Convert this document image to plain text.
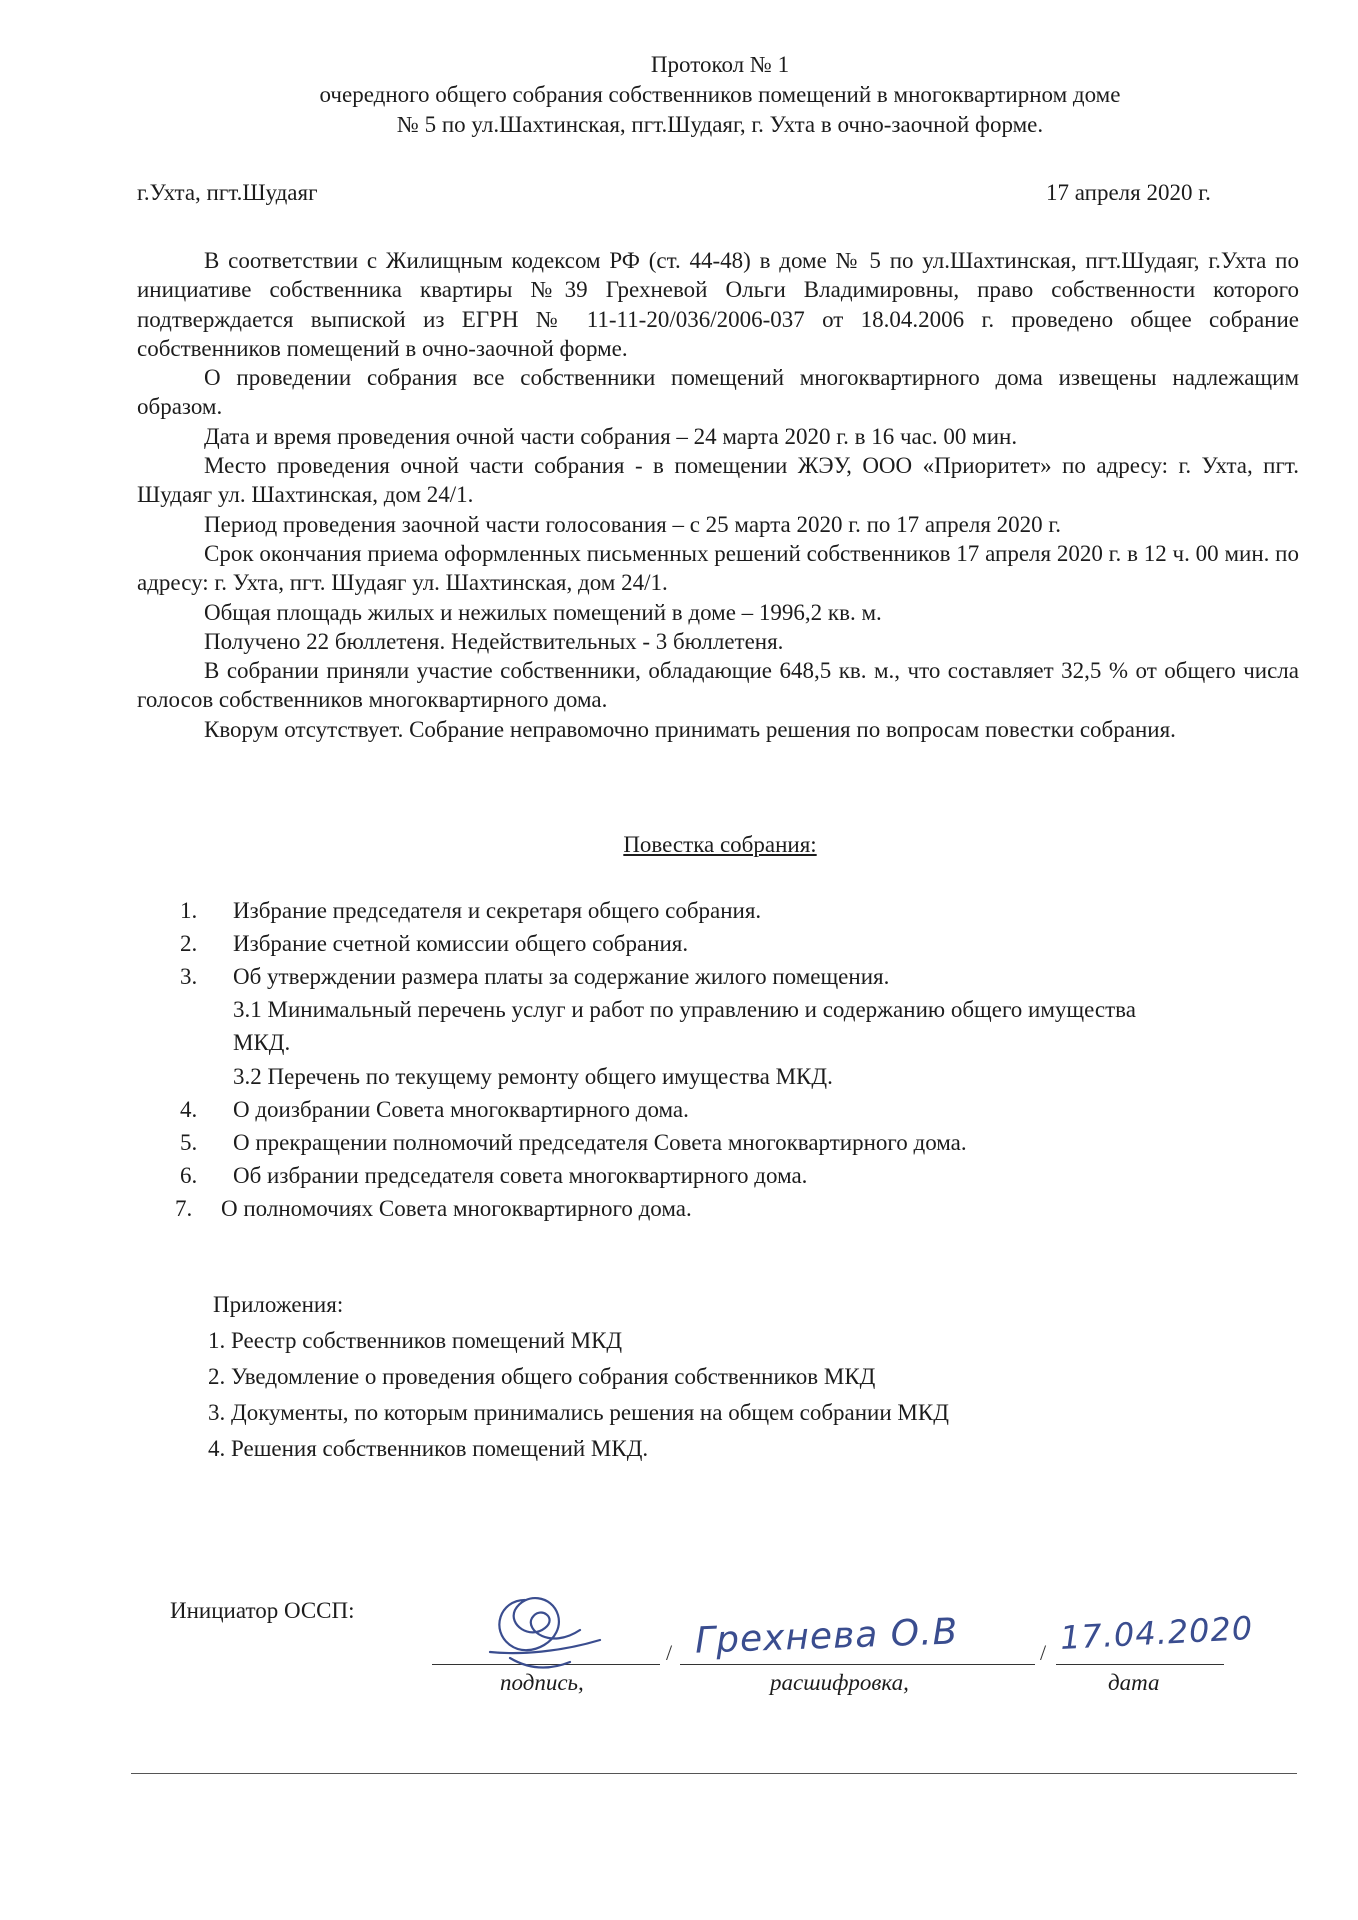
Протокол № 1
очередного общего собрания собственников помещений в многоквартирном доме
№ 5 по ул.Шахтинская, пгт.Шудаяг, г. Ухта в очно-заочной форме.
г.Ухта, пгт.Шудаяг	17 апреля 2020 г.

В соответствии с Жилищным кодексом РФ (ст. 44-48) в доме № 5 по ул.Шахтинская, пгт.Шудаяг, г.Ухта по инициативе собственника квартиры №39 Грехневой Ольги Владимировны, право собственности которого подтверждается выпиской из ЕГРН № 11-11-20/036/2006-037 от 18.04.2006 г. проведено общее собрание собственников помещений в очно-заочной форме.

О проведении собрания все собственники помещений многоквартирного дома извещены надлежащим образом.

Дата и время проведения очной части собрания – 24 марта 2020 г. в 16 час. 00 мин.

Место проведения очной части собрания - в помещении ЖЭУ, ООО «Приоритет» по адресу: г. Ухта, пгт. Шудаяг ул. Шахтинская, дом 24/1.

Период проведения заочной части голосования – с 25 марта 2020 г. по 17 апреля 2020 г.

Срок окончания приема оформленных письменных решений собственников 17 апреля 2020 г. в 12 ч. 00 мин. по адресу: г. Ухта, пгт. Шудаяг ул. Шахтинская, дом 24/1.

Общая площадь жилых и нежилых помещений в доме – 1996,2 кв. м.

Получено 22 бюллетеня. Недействительных - 3 бюллетеня.

В собрании приняли участие собственники, обладающие 648,5 кв. м., что составляет 32,5 % от общего числа голосов собственников многоквартирного дома.

Кворум отсутствует. Собрание неправомочно принимать решения по вопросам повестки собрания.

Повестка собрания:
1.	Избрание председателя и секретаря общего собрания.
2.	Избрание счетной комиссии общего собрания.
3.	Об утверждении размера платы за содержание жилого помещения.
3.1 Минимальный перечень услуг и работ по управлению и содержанию общего имущества МКД.
3.2 Перечень по текущему ремонту общего имущества МКД.
4.	О доизбрании Совета многоквартирного дома.
5.	О прекращении полномочий председателя Совета многоквартирного дома.
6.	Об избрании председателя совета многоквартирного дома.
7.	О полномочиях Совета многоквартирного дома.
Приложения:
1. Реестр собственников помещений МКД
2. Уведомление о проведения общего собрания собственников МКД
3. Документы, по которым принимались решения на общем собрании МКД
4. Решения собственников помещений МКД.
Инициатор ОССП:
/	/
Грехнева О.В	17.04.2020
подпись,	расшифровка,	дата
